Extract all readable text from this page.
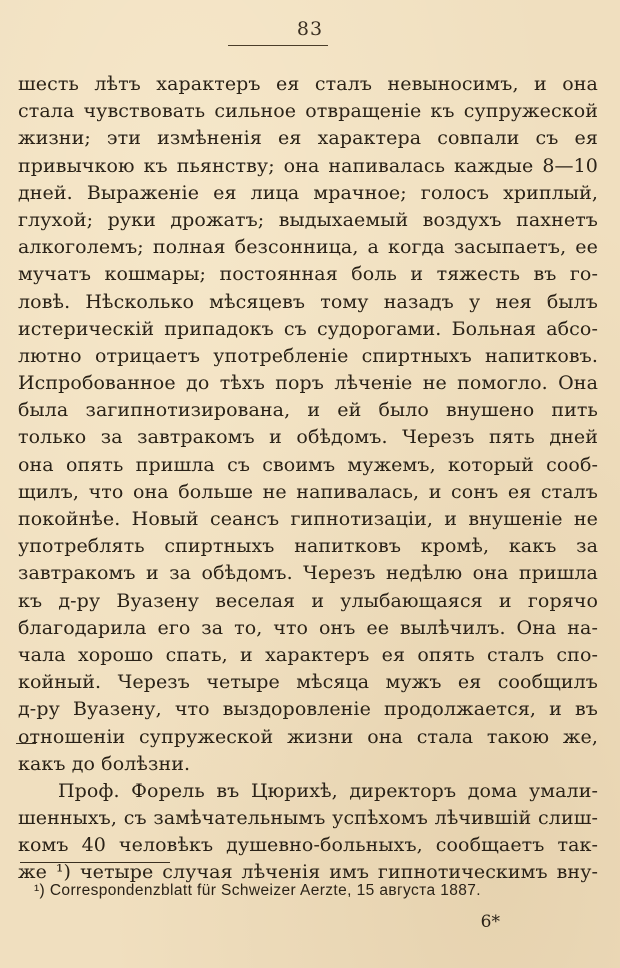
83
шесть лѣтъ характеръ ея сталъ невыносимъ, и она
стала чувствовать сильное отвращеніе къ супружеской
жизни; эти измѣненія ея характера совпали съ ея
привычкою къ пьянству; она напивалась каждые 8—10
дней. Выраженіе ея лица мрачное; голосъ хриплый,
глухой; руки дрожатъ; выдыхаемый воздухъ пахнетъ
алкоголемъ; полная безсонница, а когда засыпаетъ, ее
мучатъ кошмары; постоянная боль и тяжесть въ го-
ловѣ. Нѣсколько мѣсяцевъ тому назадъ у нея былъ
истерическій припадокъ съ судорогами. Больная абсо-
лютно отрицаетъ употребленіе спиртныхъ напитковъ.
Испробованное до тѣхъ поръ лѣченіе не помогло. Она
была загипнотизирована, и ей было внушено пить
только за завтракомъ и обѣдомъ. Черезъ пять дней
она опять пришла съ своимъ мужемъ, который сооб-
щилъ, что она больше не напивалась, и сонъ ея сталъ
покойнѣе. Новый сеансъ гипнотизаціи, и внушеніе не
употреблять спиртныхъ напитковъ кромѣ, какъ за
завтракомъ и за обѣдомъ. Черезъ недѣлю она пришла
къ д-ру Вуазену веселая и улыбающаяся и горячо
благодарила его за то, что онъ ее вылѣчилъ. Она на-
чала хорошо спать, и характеръ ея опять сталъ спо-
койный. Черезъ четыре мѣсяца мужъ ея сообщилъ
д-ру Вуазену, что выздоровленіе продолжается, и въ
отношеніи супружеской жизни она стала такою же,
какъ до болѣзни.
Проф. Форель въ Цюрихѣ, директоръ дома умали-
шенныхъ, съ замѣчательнымъ успѣхомъ лѣчившій слиш-
комъ 40 человѣкъ душевно-больныхъ, сообщаетъ так-
же ¹) четыре случая лѣченія имъ гипнотическимъ вну-
¹) Correspondenzblatt für Schweizer Aerzte, 15 августа 1887.
6*
